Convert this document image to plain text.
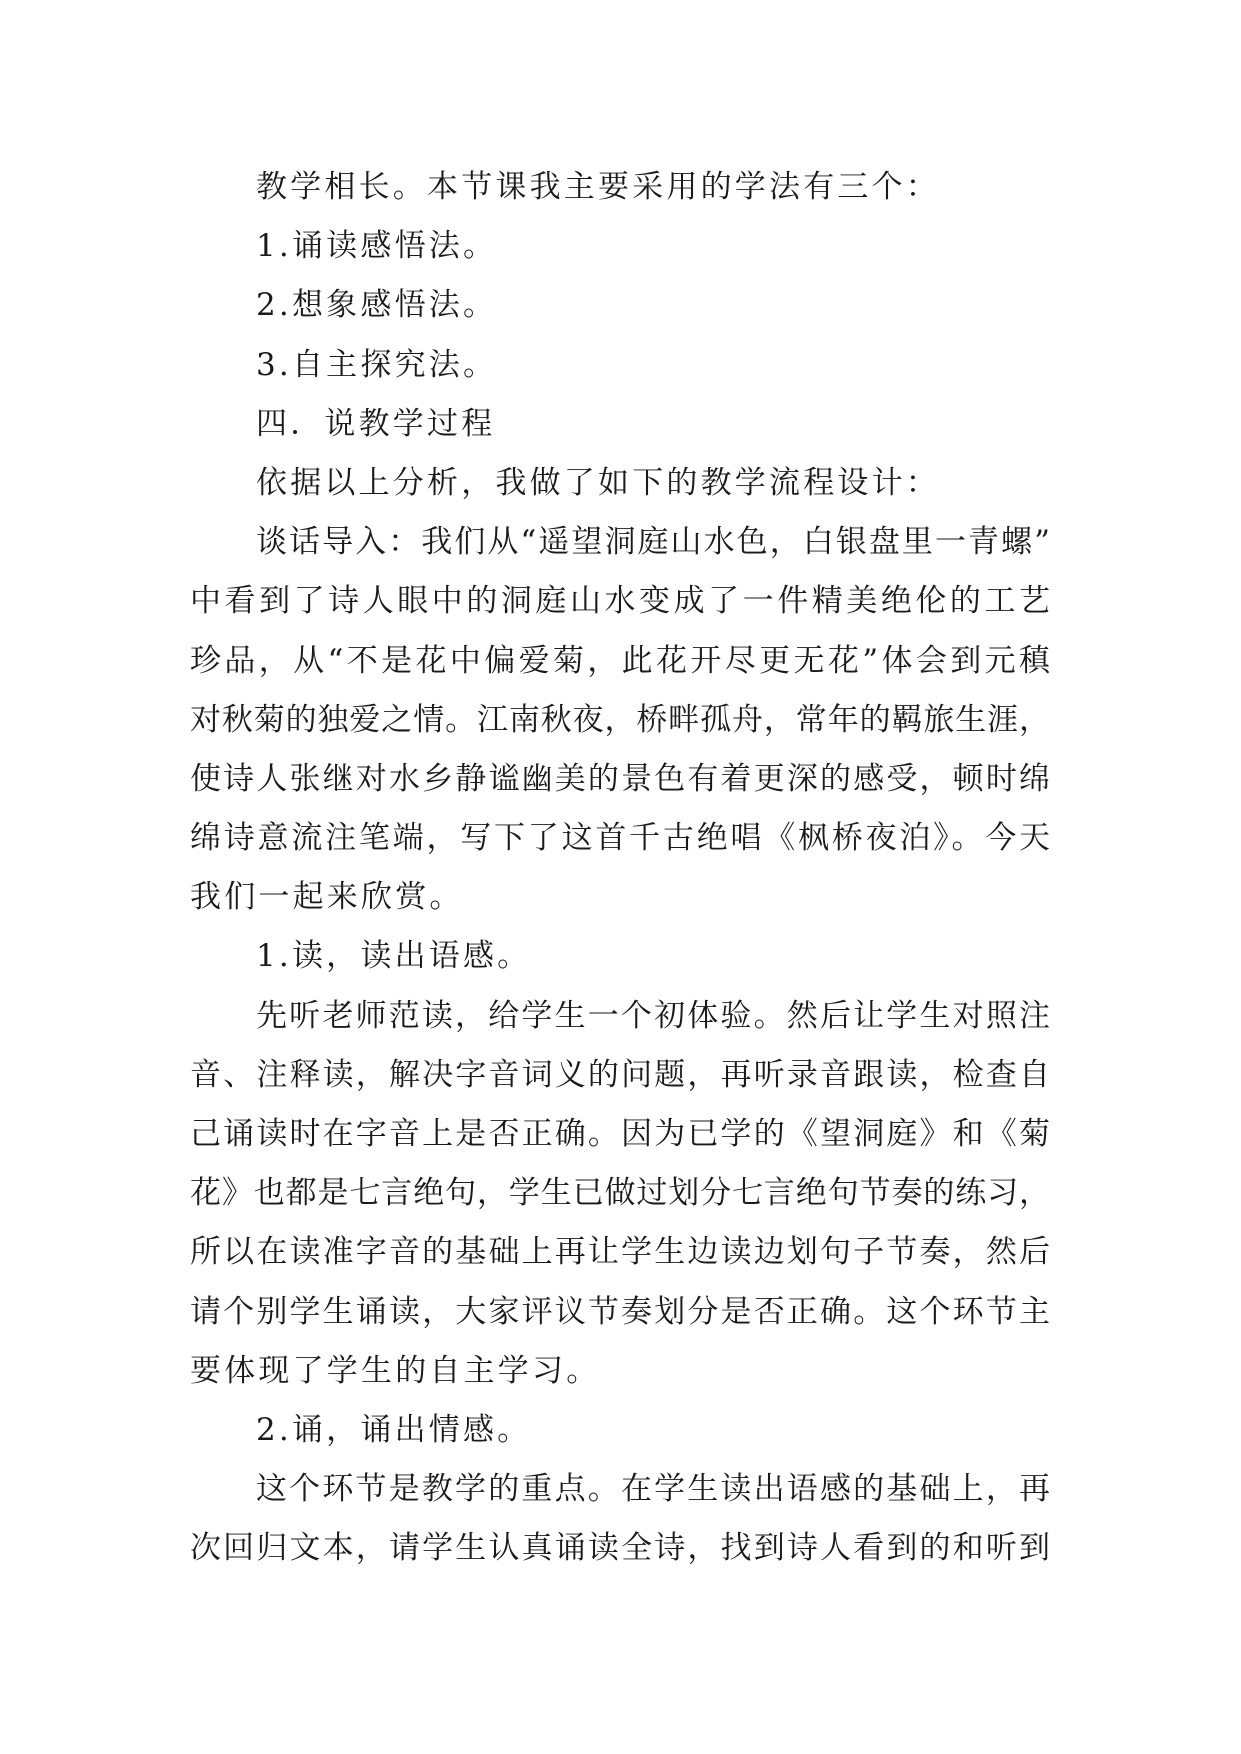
教学相长。本节课我主要采用的学法有三个：
1.诵读感悟法。
2.想象感悟法。
3.自主探究法。
四．说教学过程
依据以上分析，我做了如下的教学流程设计：
谈话导入：我们从“遥望洞庭山水色，白银盘里一青螺”
中看到了诗人眼中的洞庭山水变成了一件精美绝伦的工艺
珍品，从“不是花中偏爱菊，此花开尽更无花”体会到元稹
对秋菊的独爱之情。江南秋夜，桥畔孤舟，常年的羁旅生涯，
使诗人张继对水乡静谧幽美的景色有着更深的感受，顿时绵
绵诗意流注笔端，写下了这首千古绝唱《枫桥夜泊》。今天
我们一起来欣赏。
1.读，读出语感。
先听老师范读，给学生一个初体验。然后让学生对照注
音、注释读，解决字音词义的问题，再听录音跟读，检查自
己诵读时在字音上是否正确。因为已学的《望洞庭》和《菊
花》也都是七言绝句，学生已做过划分七言绝句节奏的练习，
所以在读准字音的基础上再让学生边读边划句子节奏，然后
请个别学生诵读，大家评议节奏划分是否正确。这个环节主
要体现了学生的自主学习。
2.诵，诵出情感。
这个环节是教学的重点。在学生读出语感的基础上，再
次回归文本，请学生认真诵读全诗，找到诗人看到的和听到
